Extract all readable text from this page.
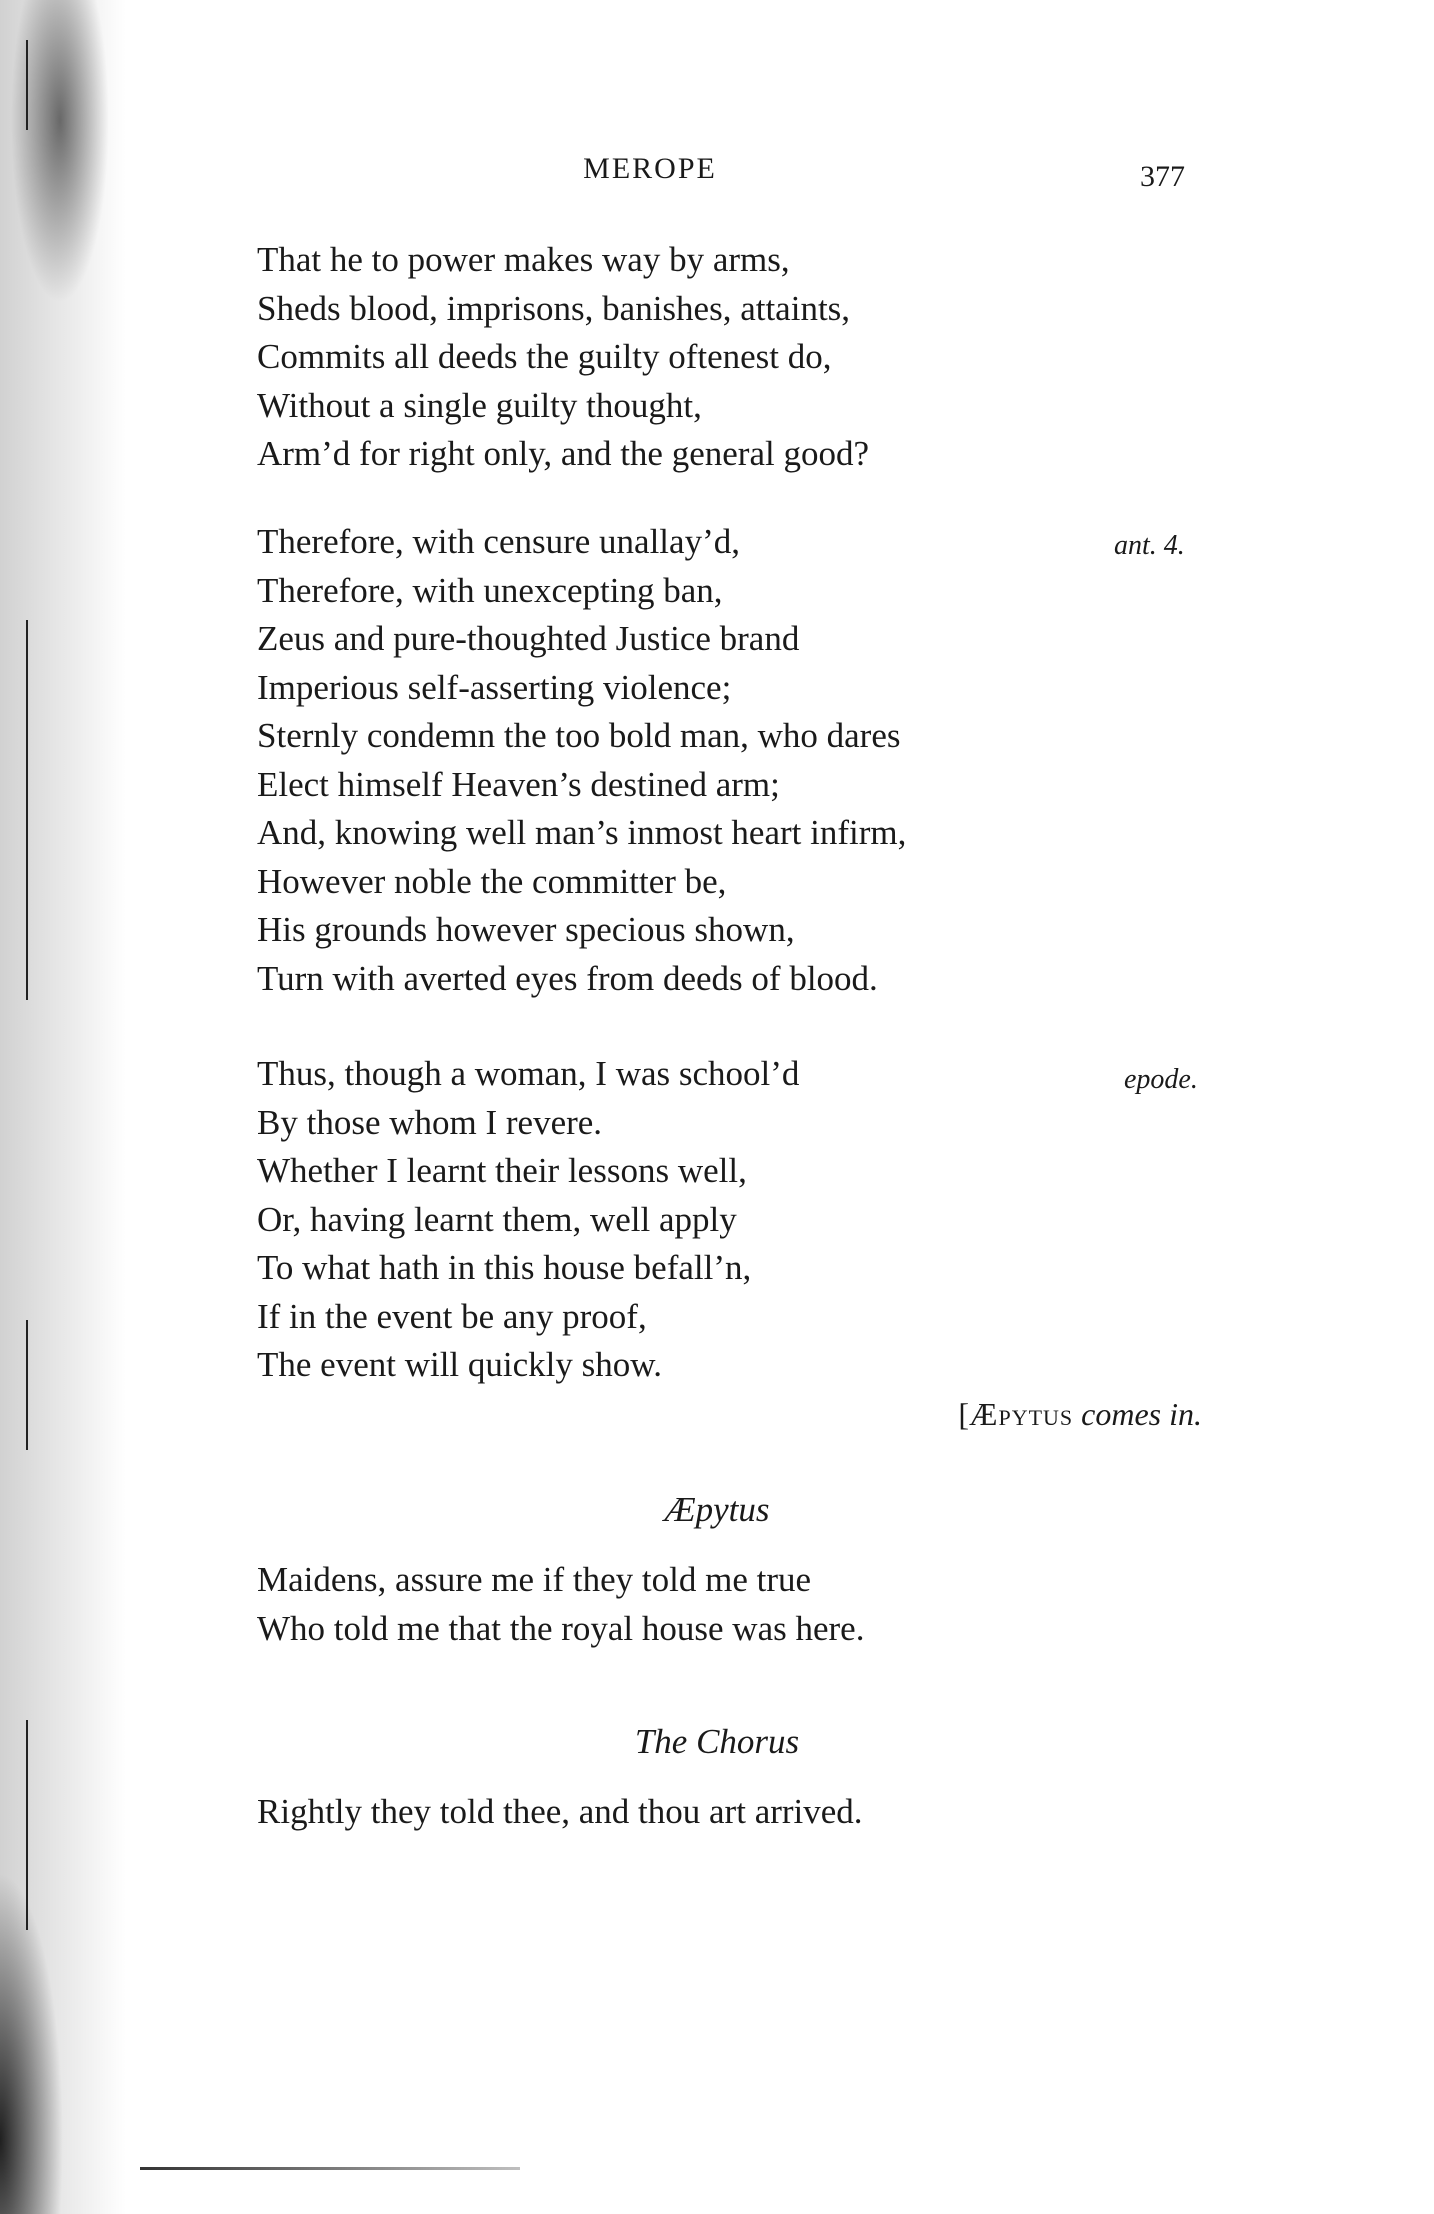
MEROPE	377
That he to power makes way by arms,
Sheds blood, imprisons, banishes, attaints,
Commits all deeds the guilty oftenest do,
Without a single guilty thought,
Arm’d for right only, and the general good?
ant. 4.
Therefore, with censure unallay’d,
Therefore, with unexcepting ban,
Zeus and pure-thoughted Justice brand
Imperious self-asserting violence;
Sternly condemn the too bold man, who dares
Elect himself Heaven’s destined arm;
And, knowing well man’s inmost heart infirm,
However noble the committer be,
His grounds however specious shown,
Turn with averted eyes from deeds of blood.
epode.
Thus, though a woman, I was school’d
By those whom I revere.
Whether I learnt their lessons well,
Or, having learnt them, well apply
To what hath in this house befall’n,
If in the event be any proof,
The event will quickly show.
[Æpytus comes in.
Æpytus
Maidens, assure me if they told me true
Who told me that the royal house was here.
The Chorus
Rightly they told thee, and thou art arrived.
